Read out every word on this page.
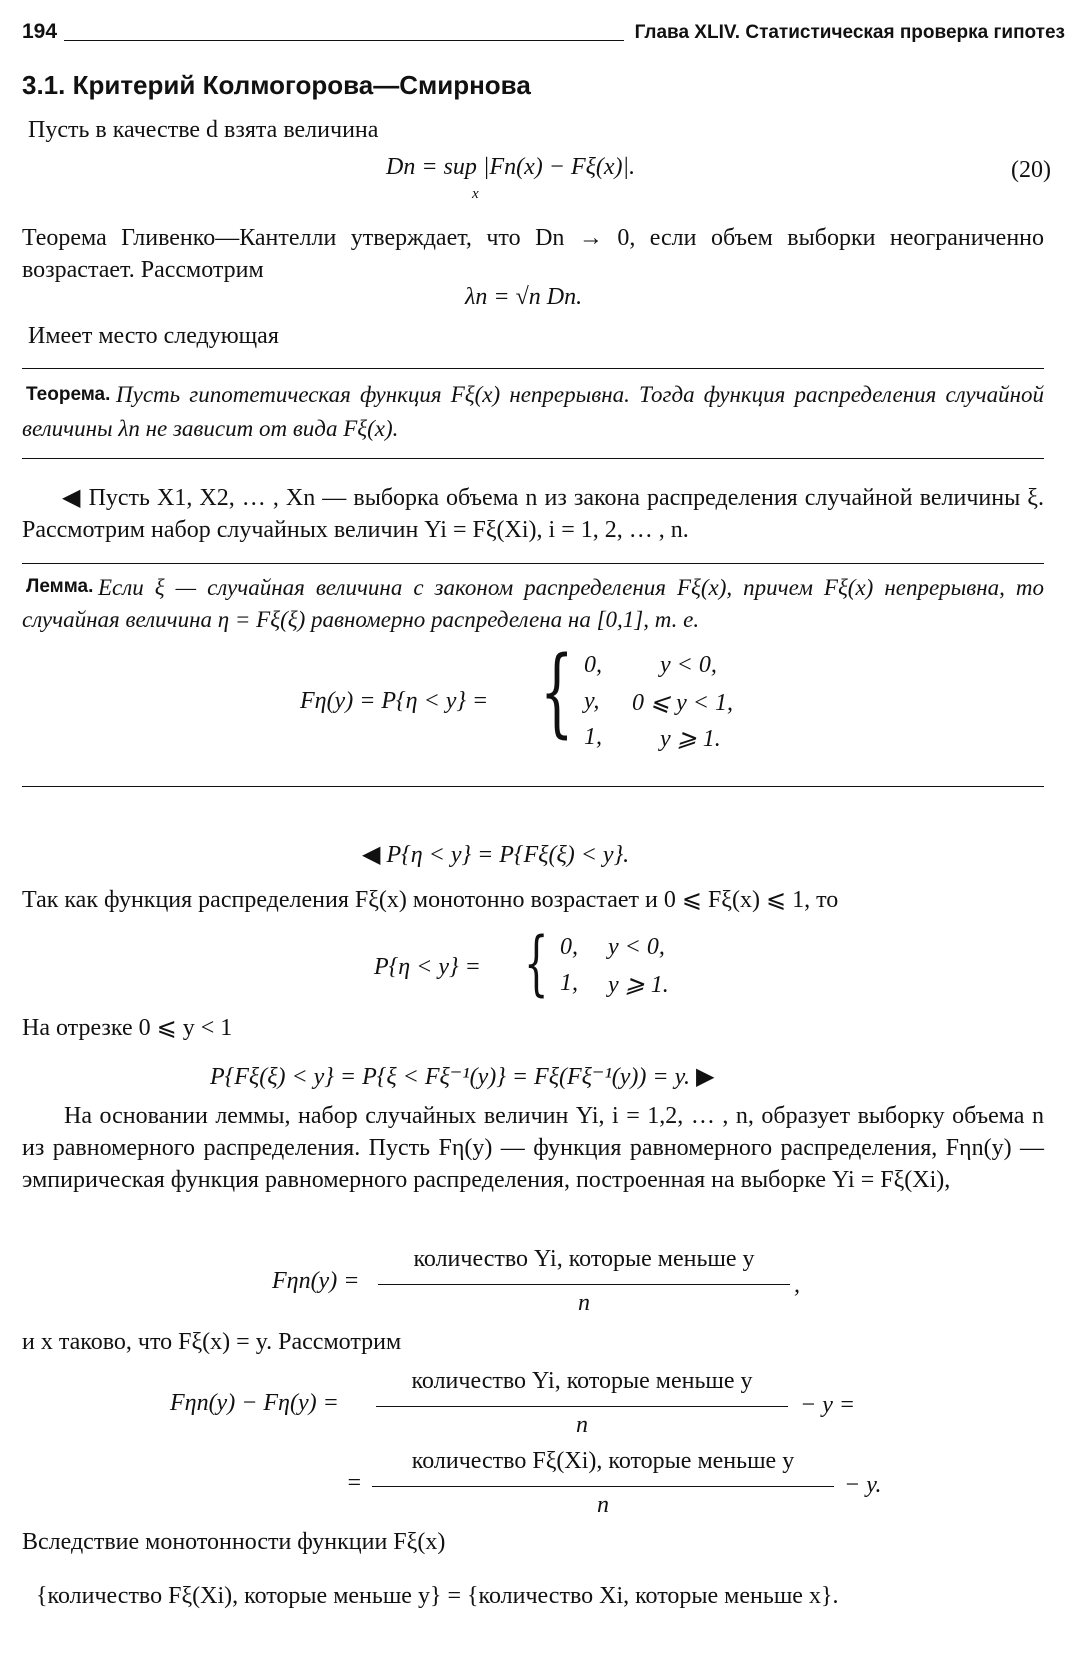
194	Глава XLIV. Статистическая проверка гипотез
3.1. Критерий Колмогорова—Смирнова
Пусть в качестве d взята величина
Dn = sup |Fn(x) − Fξ(x)|.
x
(20)
Теорема Гливенко—Кантелли утверждает, что Dn → 0, если объем выборки неограниченно возрастает. Рассмотрим
λn = √n Dn.
Имеет место следующая
Теорема. Пусть гипотетическая функция Fξ(x) непрерывна. Тогда функция распределения случайной величины λn не зависит от вида Fξ(x).
◀ Пусть X1, X2, … , Xn — выборка объема n из закона распределения случайной величины ξ. Рассмотрим набор случайных величин Yi = Fξ(Xi), i = 1, 2, … , n.
Лемма. Если ξ — случайная величина с законом распределения Fξ(x), причем Fξ(x) непрерывна, то случайная величина η = Fξ(ξ) равномерно распределена на [0,1], т. е.
Fη(y) = P{η < y} = { 0, y < 0,
y, 0 ⩽ y < 1,
1, y ⩾ 1.
◀ P{η < y} = P{Fξ(ξ) < y}.
Так как функция распределения Fξ(x) монотонно возрастает и 0 ⩽ Fξ(x) ⩽ 1, то
P{η < y} = { 0, y < 0,
1, y ⩾ 1.
На отрезке 0 ⩽ y < 1
P{Fξ(ξ) < y} = P{ξ < Fξ⁻¹(y)} = Fξ(Fξ⁻¹(y)) = y. ▶
На основании леммы, набор случайных величин Yi, i = 1,2, … , n, образует выборку объема n из равномерного распределения. Пусть Fη(y) — функция равномерного распределения, Fηn(y) — эмпирическая функция равномерного распределения, построенная на выборке Yi = Fξ(Xi),
Fηn(y) =
количество Yi, которые меньше y
n
,
и x таково, что Fξ(x) = y. Рассмотрим
Fηn(y) − Fη(y) =
количество Yi, которые меньше y
n
− y =
=
количество Fξ(Xi), которые меньше y
n
− y.
Вследствие монотонности функции Fξ(x)
{количество Fξ(Xi), которые меньше y} = {количество Xi, которые меньше x}.
